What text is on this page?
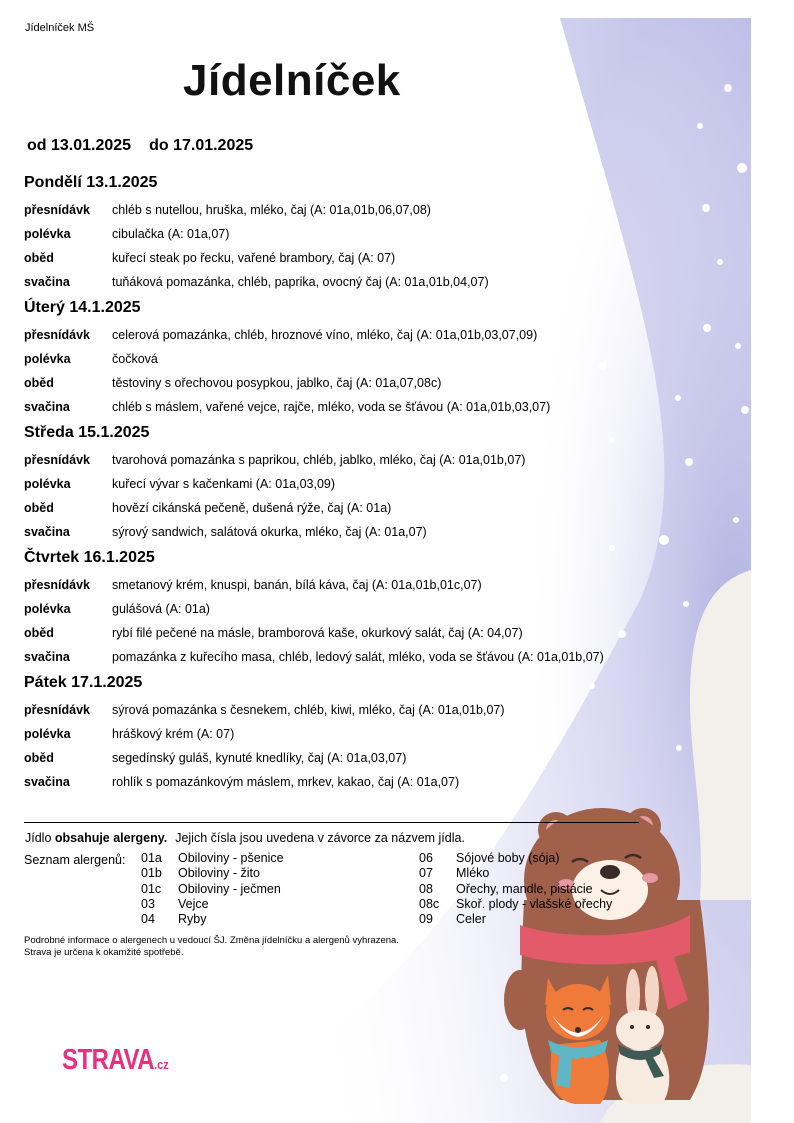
Jídelníček MŠ
Jídelníček
od 13.01.2025 do 17.01.2025
Pondělí 13.1.2025
přesnídávk	chléb s nutellou, hruška, mléko, čaj (A: 01a,01b,06,07,08)
polévka	cibulačka (A: 01a,07)
oběd	kuřecí steak po řecku, vařené brambory, čaj (A: 07)
svačina	tuňáková pomazánka, chléb, paprika, ovocný čaj (A: 01a,01b,04,07)
Úterý 14.1.2025
přesnídávk	celerová pomazánka, chléb, hroznové víno, mléko, čaj (A: 01a,01b,03,07,09)
polévka	čočková
oběd	těstoviny s ořechovou posypkou, jablko, čaj (A: 01a,07,08c)
svačina	chléb s máslem, vařené vejce, rajče, mléko, voda se šťávou (A: 01a,01b,03,07)
Středa 15.1.2025
přesnídávk	tvarohová pomazánka s paprikou, chléb, jablko, mléko, čaj (A: 01a,01b,07)
polévka	kuřecí vývar s kačenkami (A: 01a,03,09)
oběd	hovězí cikánská pečeně, dušená rýže, čaj (A: 01a)
svačina	sýrový sandwich, salátová okurka, mléko, čaj (A: 01a,07)
Čtvrtek 16.1.2025
přesnídávk	smetanový krém, knuspi, banán, bílá káva, čaj (A: 01a,01b,01c,07)
polévka	gulášová (A: 01a)
oběd	rybí filé pečené na másle, bramborová kaše, okurkový salát, čaj (A: 04,07)
svačina	pomazánka z kuřecího masa, chléb, ledový salát, mléko, voda se šťávou (A: 01a,01b,07)
Pátek 17.1.2025
přesnídávk	sýrová pomazánka s česnekem, chléb, kiwi, mléko, čaj (A: 01a,01b,07)
polévka	hráškový krém (A: 07)
oběd	segedínský guláš, kynuté knedlíky, čaj (A: 01a,03,07)
svačina	rohlík s pomazánkovým máslem, mrkev, kakao, čaj (A: 01a,07)
Jídlo obsahuje alergeny. Jejich čísla jsou uvedena v závorce za názvem jídla.
Seznam alergenů: 01a Obiloviny - pšenice
01b Obiloviny - žito
01c Obiloviny - ječmen
03 Vejce
04 Ryby
06 Sójové boby (sója)
07 Mléko
08 Ořechy, mandle, pistácie
08c Skoř. plody - vlašské ořechy
09 Celer
Podrobné informace o alergenech u vedoucí ŠJ. Změna jídelníčku a alergenů vyhrazena.
Strava je určena k okamžité spotřebě.
STRAVA.cz
